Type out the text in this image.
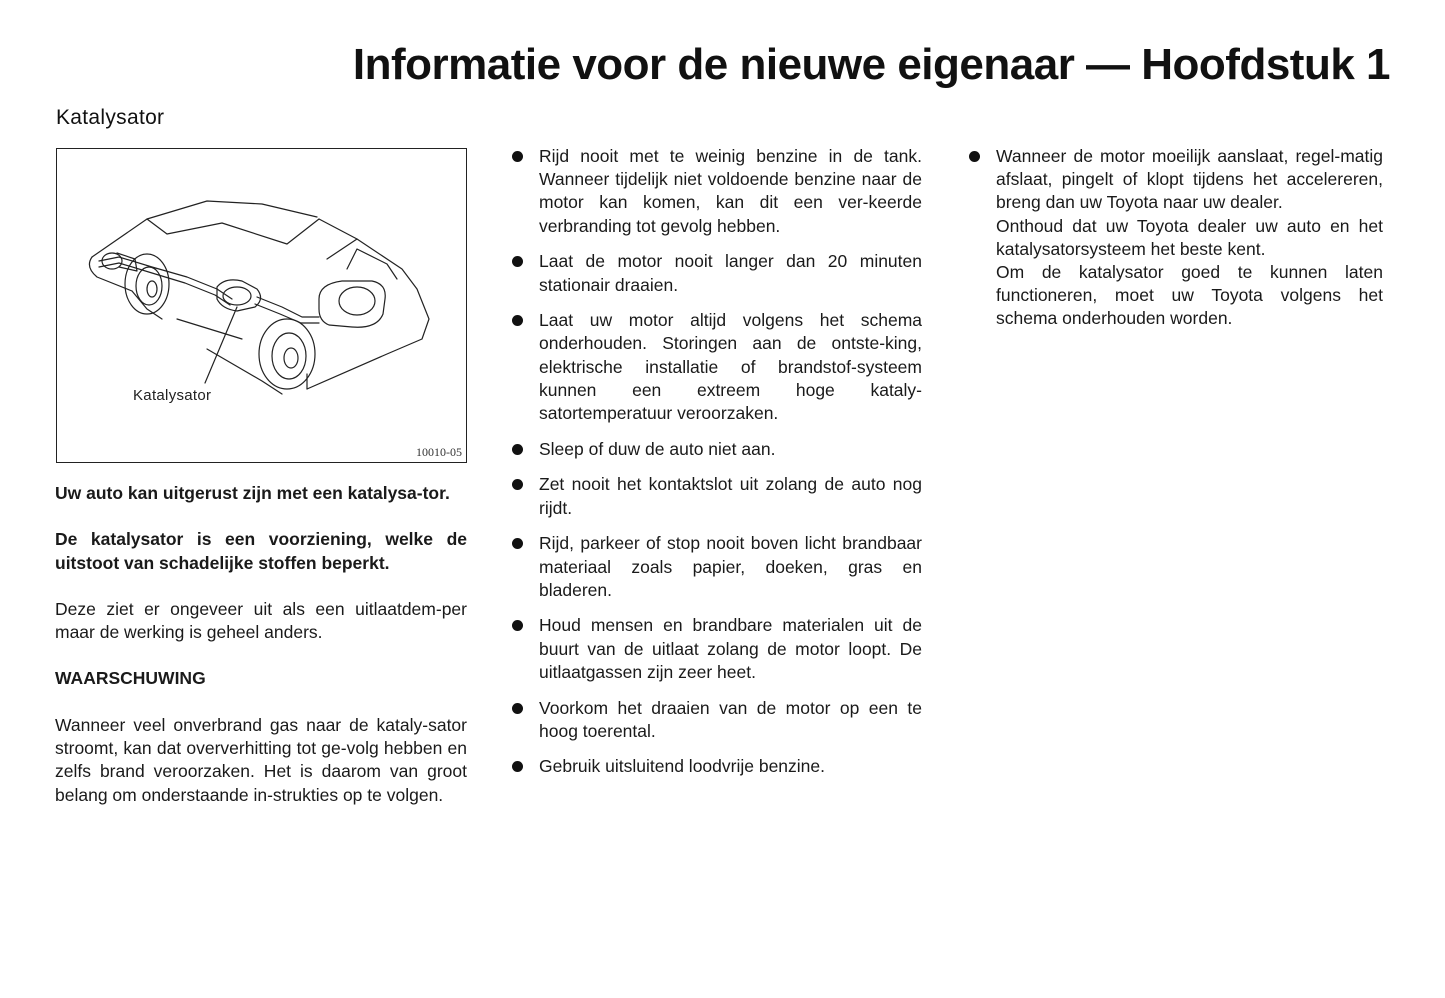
Informatie voor de nieuwe eigenaar — Hoofdstuk 1
Katalysator
Katalysator
10010-05

Uw auto kan uitgerust zijn met een katalysa-tor.

De katalysator is een voorziening, welke de uitstoot van schadelijke stoffen beperkt.

Deze ziet er ongeveer uit als een uitlaatdem-per maar de werking is geheel anders.

WAARSCHUWING

Wanneer veel onverbrand gas naar de kataly-sator stroomt, kan dat oververhitting tot ge-volg hebben en zelfs brand veroorzaken. Het is daarom van groot belang om onderstaande in-strukties op te volgen.

Rijd nooit met te weinig benzine in de tank. Wanneer tijdelijk niet voldoende benzine naar de motor kan komen, kan dit een ver-keerde verbranding tot gevolg hebben.
Laat de motor nooit langer dan 20 minuten stationair draaien.
Laat uw motor altijd volgens het schema onderhouden. Storingen aan de ontste-king, elektrische installatie of brandstof-systeem kunnen een extreem hoge kataly-satortemperatuur veroorzaken.
Sleep of duw de auto niet aan.
Zet nooit het kontaktslot uit zolang de auto nog rijdt.
Rijd, parkeer of stop nooit boven licht brandbaar materiaal zoals papier, doeken, gras en bladeren.
Houd mensen en brandbare materialen uit de buurt van de uitlaat zolang de motor loopt. De uitlaatgassen zijn zeer heet.
Voorkom het draaien van de motor op een te hoog toerental.
Gebruik uitsluitend loodvrije benzine.
Wanneer de motor moeilijk aanslaat, regel-matig afslaat, pingelt of klopt tijdens het accelereren, breng dan uw Toyota naar uw dealer.

Onthoud dat uw Toyota dealer uw auto en het katalysatorsysteem het beste kent.

Om de katalysator goed te kunnen laten functioneren, moet uw Toyota volgens het schema onderhouden worden.
